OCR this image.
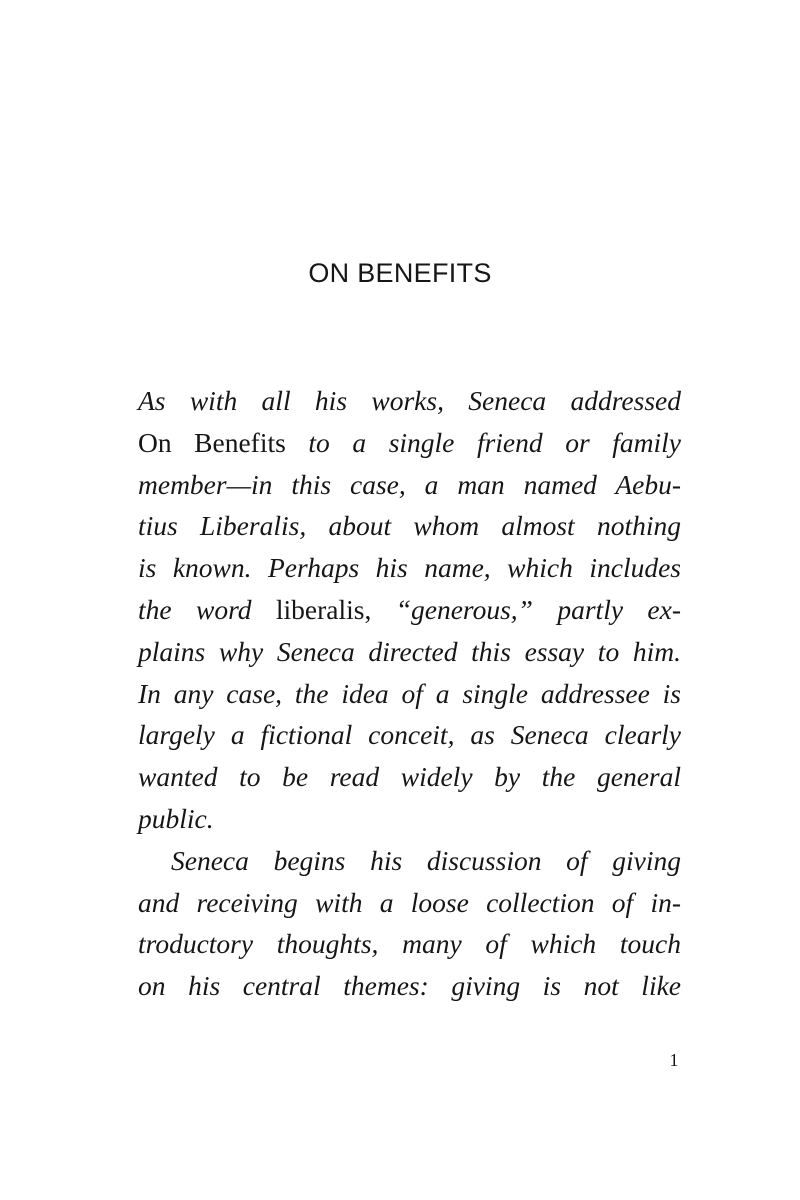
ON BENEFITS
As with all his works, Seneca addressed
On Benefits to a single friend or family
member—in this case, a man named Aebu-
tius Liberalis, about whom almost nothing
is known. Perhaps his name, which includes
the word liberalis, “generous,” partly ex-
plains why Seneca directed this essay to him.
In any case, the idea of a single addressee is
largely a fictional conceit, as Seneca clearly
wanted to be read widely by the general
public.
Seneca begins his discussion of giving
and receiving with a loose collection of in-
troductory thoughts, many of which touch
on his central themes: giving is not like
1
